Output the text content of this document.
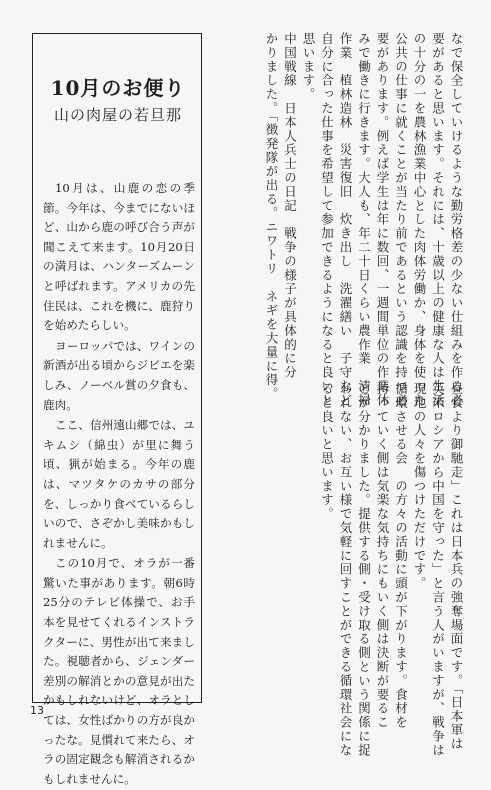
なで保全していけるような勤労格差の少ない仕組みを作る必
要があると思います。それには、十歳以上の健康な人は生活
の十分の一を農林漁業中心とした肉体労働か、身体を使った
公共の仕事に就くことが当たり前であるという認識を持つ必
要があります。例えば学生は年に数回、一週間単位の作業休
みで働きに行きます。大人も、年二十日くらい農作業　清掃
作業　植林造林　災害復旧　炊き出し　洗濯繕い　子守など
自分に合った仕事を希望して参加できるようになると良いと
思います。
中国戦線　日本人兵士の日記　戦争の様子が具体的に分
かりました。「徴発隊が出る。ニワトリ　ネギを大量に得。
昼食より御馳走」これは日本兵の強奪場面です。「日本軍は
英米ロシアから中国を守った」と言う人がいますが、戦争は
現地の人々を傷つけただけです。
循環させる会　の方々の活動に頭が下がります。食材を
持っていく側は気楽な気持ちにもいく側は決断が要るこ
とが分かりました。提供する側・受け取る側という関係に捉
われない、お互い様で気軽に回すことができる循環社会にな
ると良いと思います。
10月のお便り
山の肉屋の若旦那

10月は、山鹿の恋の季節。今年は、今までにないほど、山から鹿の呼び合う声が聞こえて来ます。10月20日の満月は、ハンターズムーンと呼ばれます。アメリカの先住民は、これを機に、鹿狩りを始めたらしい。

ヨーロッパでは、ワインの新酒が出る頃からジビエを楽しみ、ノーベル賞の夕食も、鹿肉。

ここ、信州遠山郷では、ユキムシ（綿虫）が里に舞う頃、猟が始まる。今年の鹿は、マツタケのカサの部分を、しっかり食べているらしいので、さぞかし美味かもしれませんに。

この10月で、オラが一番驚いた事があります。朝6時25分のテレビ体操で、お手本を見せてくれるインストラクターに、男性が出て来ました。視聴者から、ジェンダー差別の解消とかの意見が出たかもしれないけど、オラとしては、女性ばかりの方が良かったな。見慣れて来たら、オラの固定観念も解消されるかもしれませんに。

13
